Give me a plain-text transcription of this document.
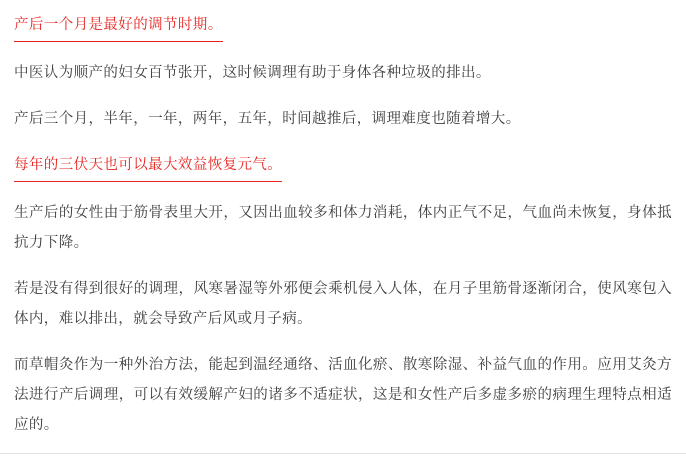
产后一个月是最好的调节时期。

中医认为顺产的妇女百节张开，这时候调理有助于身体各种垃圾的排出。

产后三个月，半年，一年，两年，五年，时间越推后，调理难度也随着增大。

每年的三伏天也可以最大效益恢复元气。

生产后的女性由于筋骨表里大开，又因出血较多和体力消耗，体内正气不足，气血尚未恢复，身体抵抗力下降。

若是没有得到很好的调理，风寒暑湿等外邪便会乘机侵入人体，在月子里筋骨逐渐闭合，使风寒包入体内，难以排出，就会导致产后风或月子病。

而草帽灸作为一种外治方法，能起到温经通络、活血化瘀、散寒除湿、补益气血的作用。应用艾灸方法进行产后调理，可以有效缓解产妇的诸多不适症状，这是和女性产后多虚多瘀的病理生理特点相适应的。
